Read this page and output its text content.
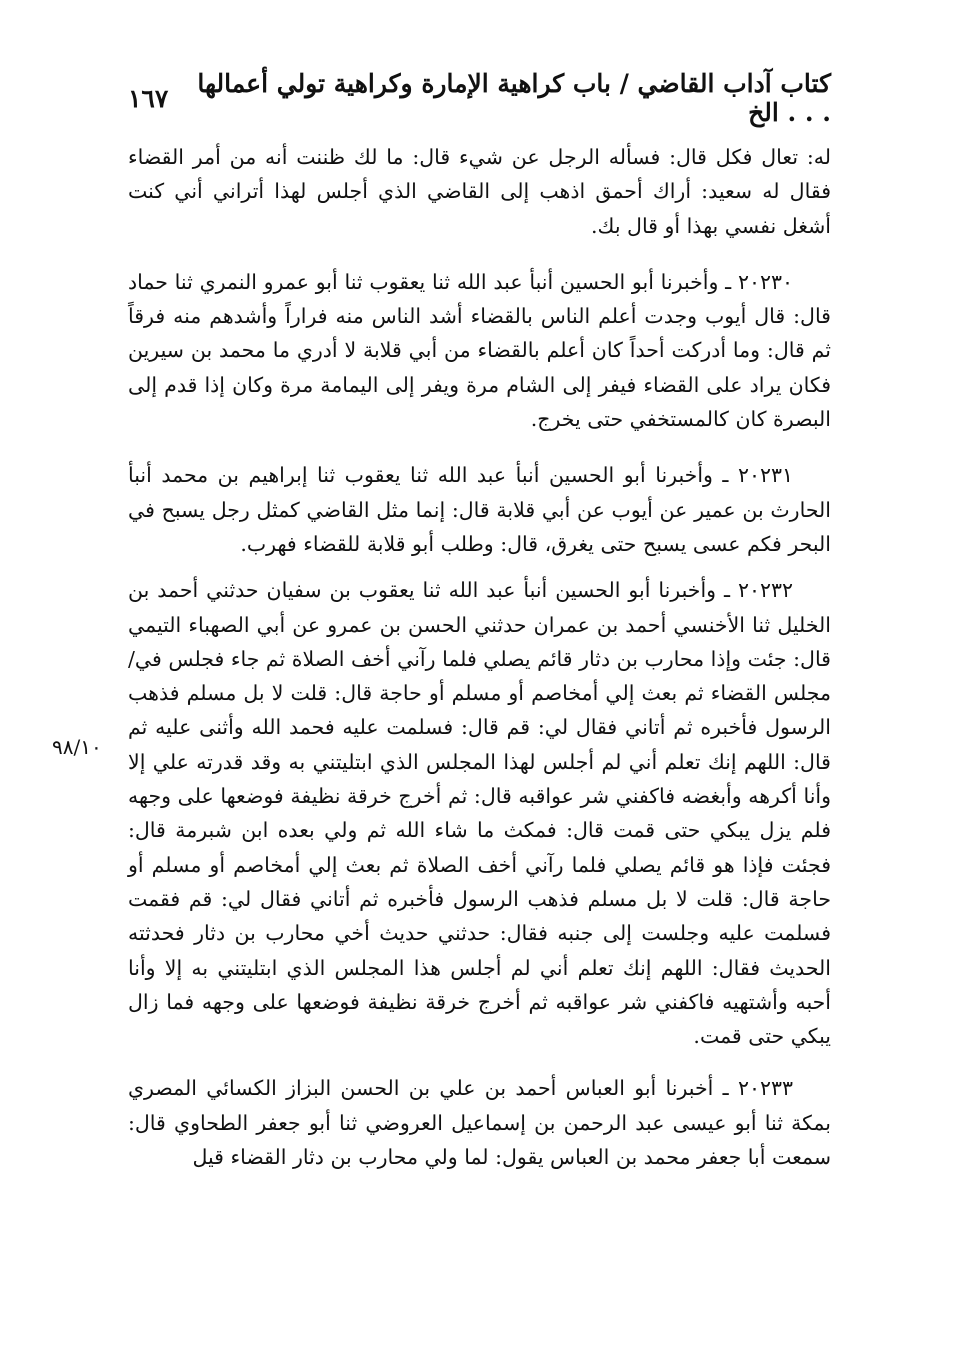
كتاب آداب القاضي / باب كراهية الإمارة وكراهية تولي أعمالها . . . الخ
١٦٧
٩٨/١٠

له: تعال فكل قال: فسأله الرجل عن شيء قال: ما لك ظننت أنه من أمر القضاء فقال له سعيد: أراك أحمق اذهب إلى القاضي الذي أجلس لهذا أتراني أني كنت أشغل نفسي بهذا أو قال بك.

٢٠٢٣٠ ـ وأخبرنا أبو الحسين أنبأ عبد الله ثنا يعقوب ثنا أبو عمرو النمري ثنا حماد قال: قال أيوب وجدت أعلم الناس بالقضاء أشد الناس منه فراراً وأشدهم منه فرقاً ثم قال: وما أدركت أحداً كان أعلم بالقضاء من أبي قلابة لا أدري ما محمد بن سيرين فكان يراد على القضاء فيفر إلى الشام مرة ويفر إلى اليمامة مرة وكان إذا قدم إلى البصرة كان كالمستخفي حتى يخرج.

٢٠٢٣١ ـ وأخبرنا أبو الحسين أنبأ عبد الله ثنا يعقوب ثنا إبراهيم بن محمد أنبأ الحارث بن عمير عن أيوب عن أبي قلابة قال: إنما مثل القاضي كمثل رجل يسبح في البحر فكم عسى يسبح حتى يغرق، قال: وطلب أبو قلابة للقضاء فهرب.

٢٠٢٣٢ ـ وأخبرنا أبو الحسين أنبأ عبد الله ثنا يعقوب بن سفيان حدثني أحمد بن الخليل ثنا الأخنسي أحمد بن عمران حدثني الحسن بن عمرو عن أبي الصهباء التيمي قال: جئت وإذا محارب بن دثار قائم يصلي فلما رآني أخف الصلاة ثم جاء فجلس في/ مجلس القضاء ثم بعث إلي أمخاصم أو مسلم أو حاجة قال: قلت لا بل مسلم فذهب الرسول فأخبره ثم أتاني فقال لي: قم قال: فسلمت عليه فحمد الله وأثنى عليه ثم قال: اللهم إنك تعلم أني لم أجلس لهذا المجلس الذي ابتليتني به وقد قدرته علي إلا وأنا أكرهه وأبغضه فاكفني شر عواقبه قال: ثم أخرج خرقة نظيفة فوضعها على وجهه فلم يزل يبكي حتى قمت قال: فمكث ما شاء الله ثم ولي بعده ابن شبرمة قال: فجئت فإذا هو قائم يصلي فلما رآني أخف الصلاة ثم بعث إلي أمخاصم أو مسلم أو حاجة قال: قلت لا بل مسلم فذهب الرسول فأخبره ثم أتاني فقال لي: قم فقمت فسلمت عليه وجلست إلى جنبه فقال: حدثني حديث أخي محارب بن دثار فحدثته الحديث فقال: اللهم إنك تعلم أني لم أجلس هذا المجلس الذي ابتليتني به إلا وأنا أحبه وأشتهيه فاكفني شر عواقبه ثم أخرج خرقة نظيفة فوضعها على وجهه فما زال يبكي حتى قمت.

٢٠٢٣٣ ـ أخبرنا أبو العباس أحمد بن علي بن الحسن البزاز الكسائي المصري بمكة ثنا أبو عيسى عبد الرحمن بن إسماعيل العروضي ثنا أبو جعفر الطحاوي قال: سمعت أبا جعفر محمد بن العباس يقول: لما ولي محارب بن دثار القضاء قيل
